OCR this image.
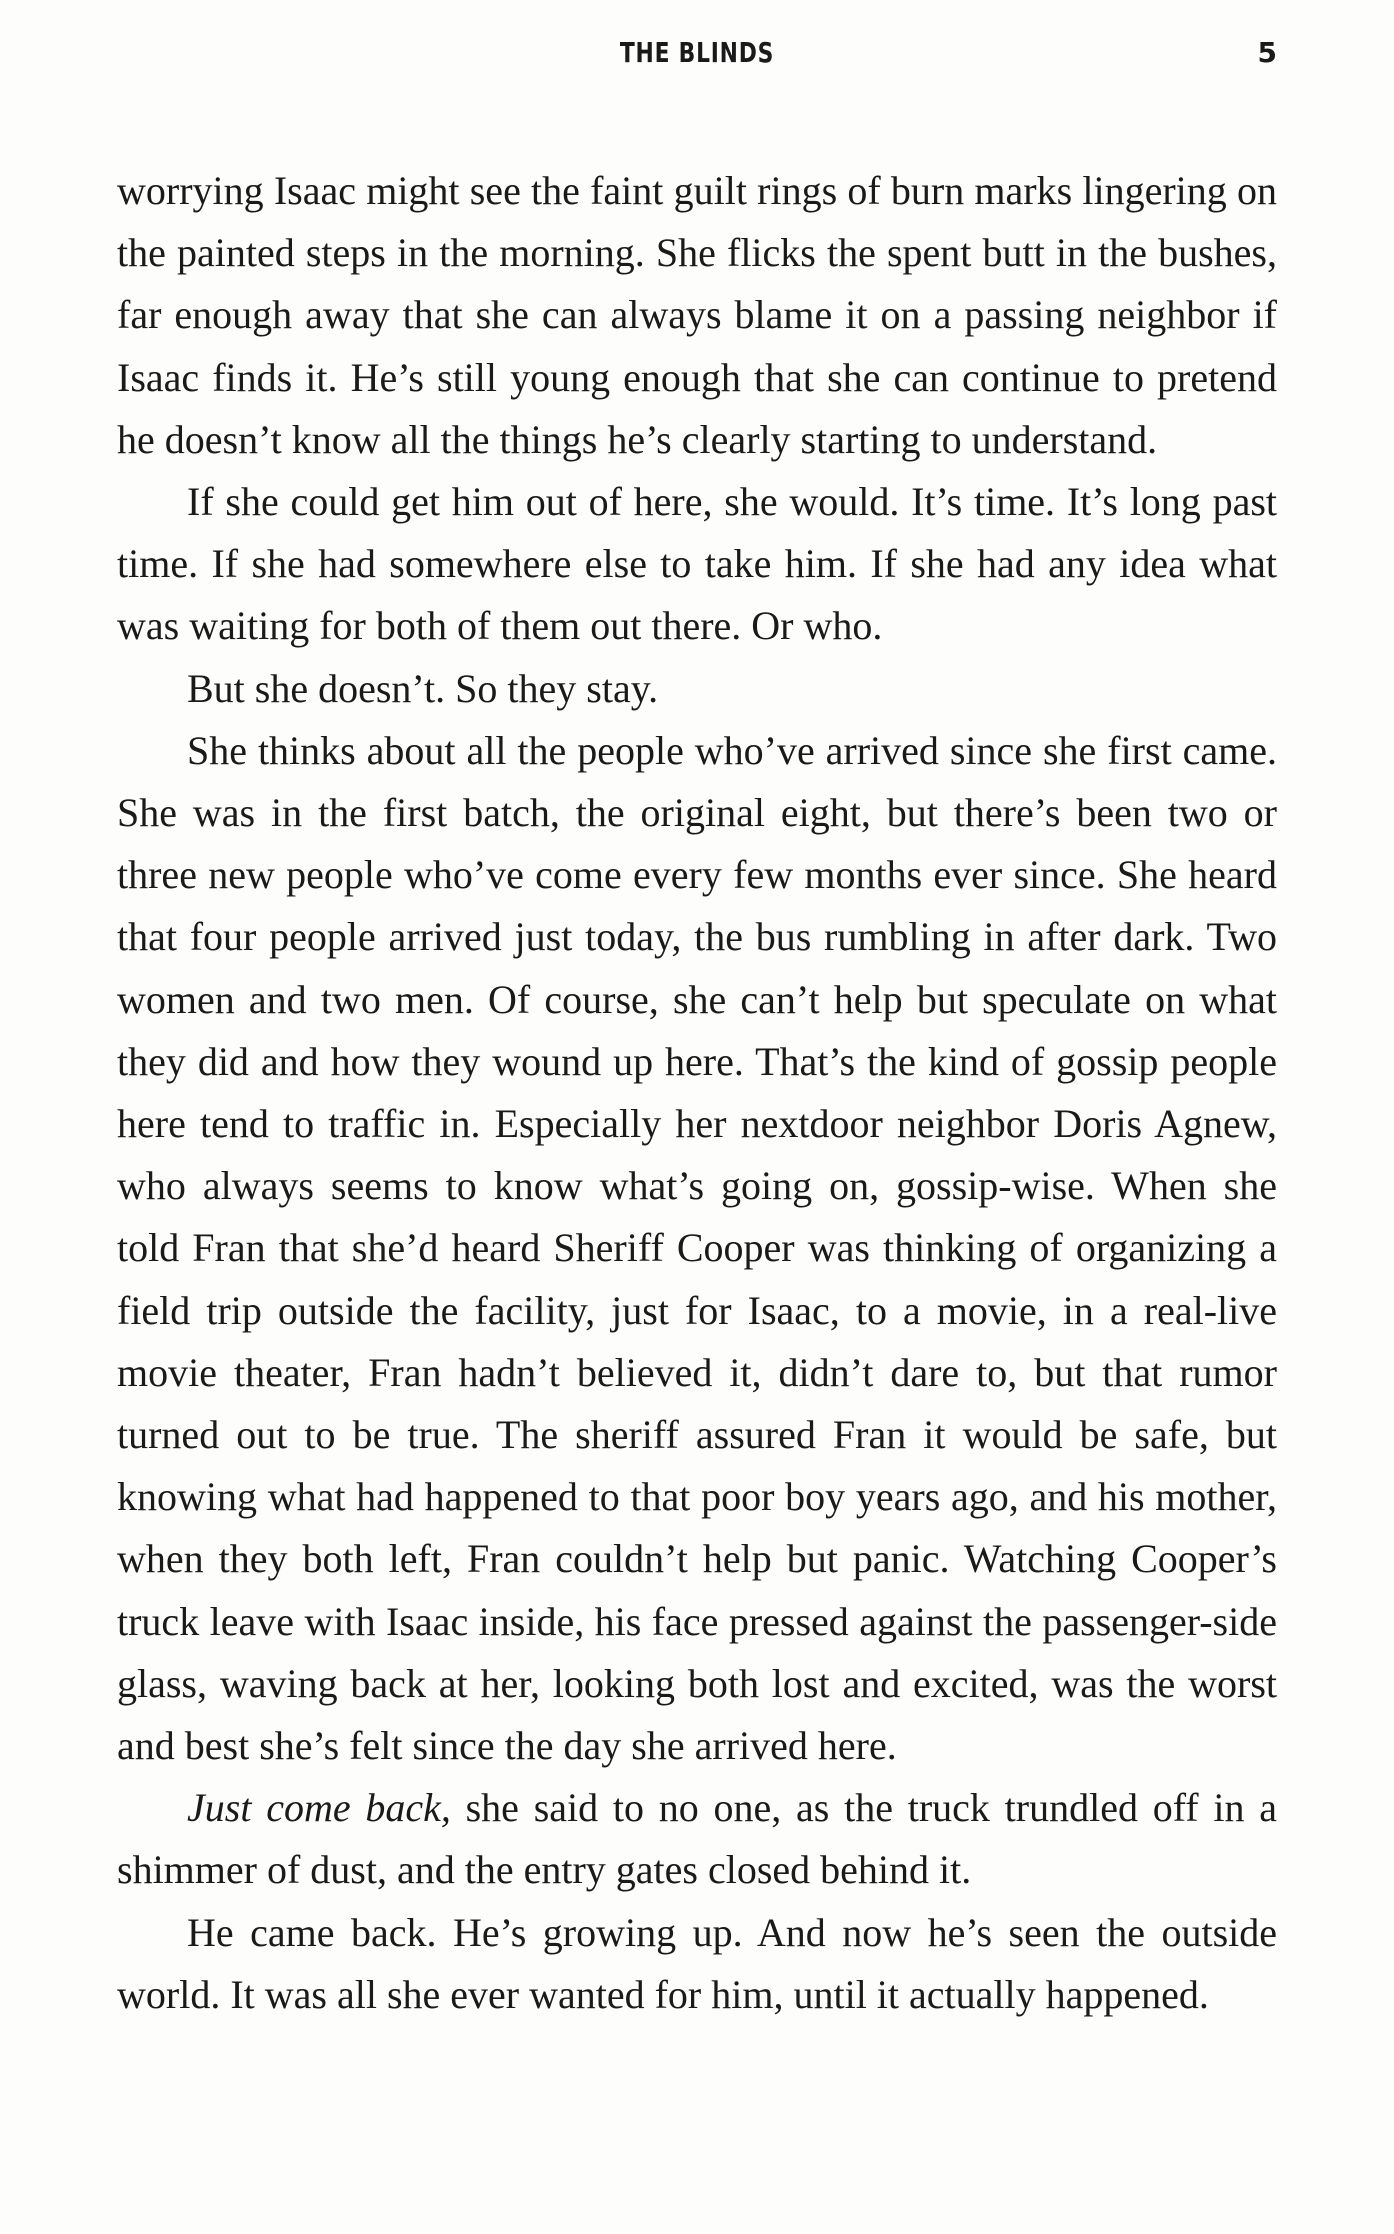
THE BLINDS	5

worrying Isaac might see the faint guilt rings of burn marks lingering on the painted steps in the morning. She flicks the spent butt in the bushes, far enough away that she can always blame it on a passing neighbor if Isaac finds it. He’s still young enough that she can continue to pretend he doesn’t know all the things he’s clearly starting to understand.

If she could get him out of here, she would. It’s time. It’s long past time. If she had somewhere else to take him. If she had any idea what was waiting for both of them out there. Or who.

But she doesn’t. So they stay.

She thinks about all the people who’ve arrived since she first came. She was in the first batch, the original eight, but there’s been two or three new people who’ve come every few months ever since. She heard that four people arrived just today, the bus rumbling in after dark. Two women and two men. Of course, she can’t help but speculate on what they did and how they wound up here. That’s the kind of gossip people here tend to traffic in. Especially her nextdoor neighbor Doris Agnew, who always seems to know what’s going on, gossip-wise. When she told Fran that she’d heard Sheriff Cooper was thinking of organizing a field trip outside the facility, just for Isaac, to a movie, in a real-live movie theater, Fran hadn’t believed it, didn’t dare to, but that rumor turned out to be true. The sheriff assured Fran it would be safe, but knowing what had happened to that poor boy years ago, and his mother, when they both left, Fran couldn’t help but panic. Watching Cooper’s truck leave with Isaac inside, his face pressed against the passenger-side glass, waving back at her, looking both lost and excited, was the worst and best she’s felt since the day she arrived here.

Just come back, she said to no one, as the truck trundled off in a shimmer of dust, and the entry gates closed behind it.

He came back. He’s growing up. And now he’s seen the outside world. It was all she ever wanted for him, until it actually happened.
